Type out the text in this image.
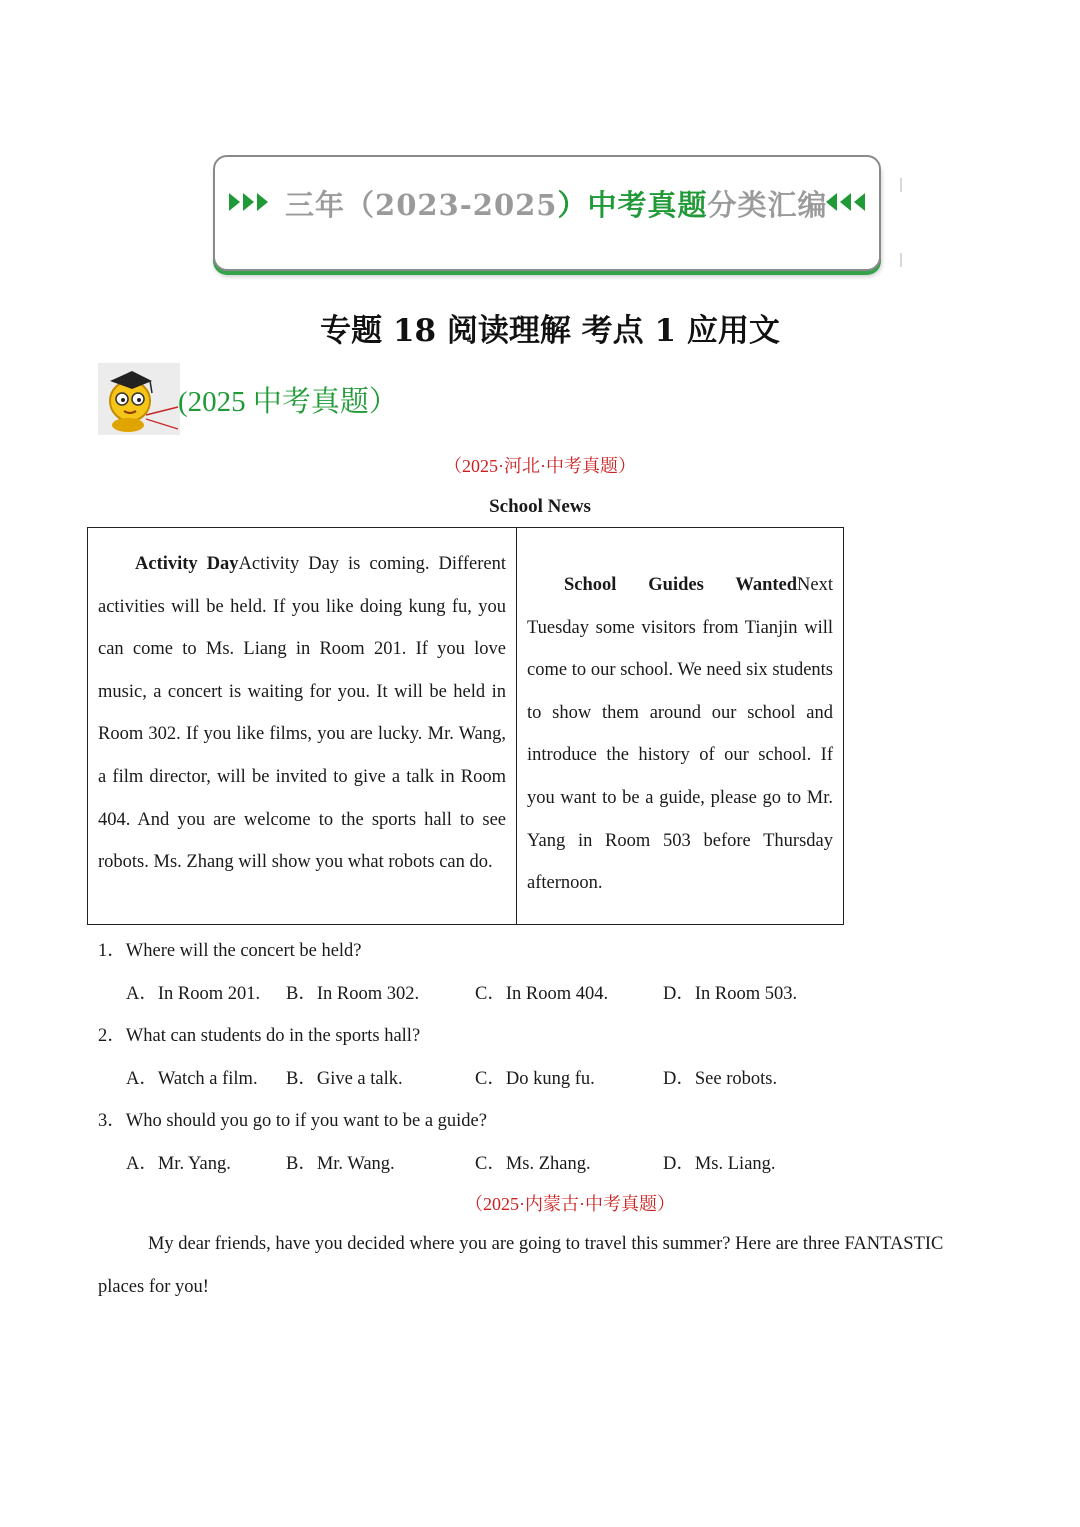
三年（2023-2025）中考真题分类汇编
专题 18 阅读理解 考点 1 应用文
(2025 中考真题）
（2025·河北·中考真题）
School News
Activity DayActivity Day is coming. Different activities will be held. If you like doing kung fu, you can come to Ms. Liang in Room 201. If you love music, a concert is waiting for you. It will be held in Room 302. If you like films, you are lucky. Mr. Wang, a film director, will be invited to give a talk in Room 404. And you are welcome to the sports hall to see robots. Ms. Zhang will show you what robots can do.
School Guides WantedNext Tuesday some visitors from Tianjin will come to our school. We need six students to show them around our school and introduce the history of our school. If you want to be a guide, please go to Mr. Yang in Room 503 before Thursday afternoon.
1．Where will the concert be held?
A．In Room 201. B．In Room 302.	C．In Room 404.	D．In Room 503.
2．What can students do in the sports hall?
A．Watch a film. B．Give a talk.	C．Do kung fu.	D．See robots.
3．Who should you go to if you want to be a guide?
A．Mr. Yang.	B．Mr. Wang.	C．Ms. Zhang.	D．Ms. Liang.
（2025·内蒙古·中考真题）
My dear friends, have you decided where you are going to travel this summer? Here are three FANTASTIC places for you!
